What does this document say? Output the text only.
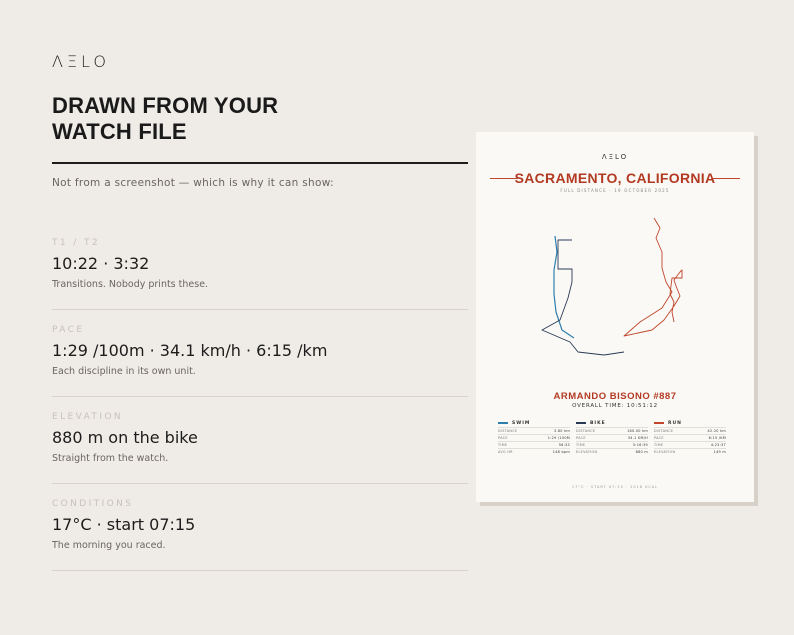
ΛΞLO
DRAWN FROM YOUR
WATCH FILE
Not from a screenshot — which is why it can show:
T1 / T2
10:22 · 3:32
Transitions. Nobody prints these.
PACE
1:29 /100m · 34.1 km/h · 6:15 /km
Each discipline in its own unit.
ELEVATION
880 m on the bike
Straight from the watch.
CONDITIONS
17°C · start 07:15
The morning you raced.
ΛΞLO
SACRAMENTO, CALIFORNIA
FULL DISTANCE · 19 OCTOBER 2025
ARMANDO BISONO #887
OVERALL TIME: 10:51:12
SWIM
DISTANCE	3.80 km
PACE	1:29 /100M
TIME	56:33
AVG HR	148 bpm
BIKE
DISTANCE	180.00 km
PACE	34.1 KM/H
TIME	5:16:39
ELEVATION	880 m
RUN
DISTANCE	42.20 km
PACE	6:15 /KM
TIME	4:23:37
ELEVATION	149 m
17°C · START 07:15 · 2018 KCAL
